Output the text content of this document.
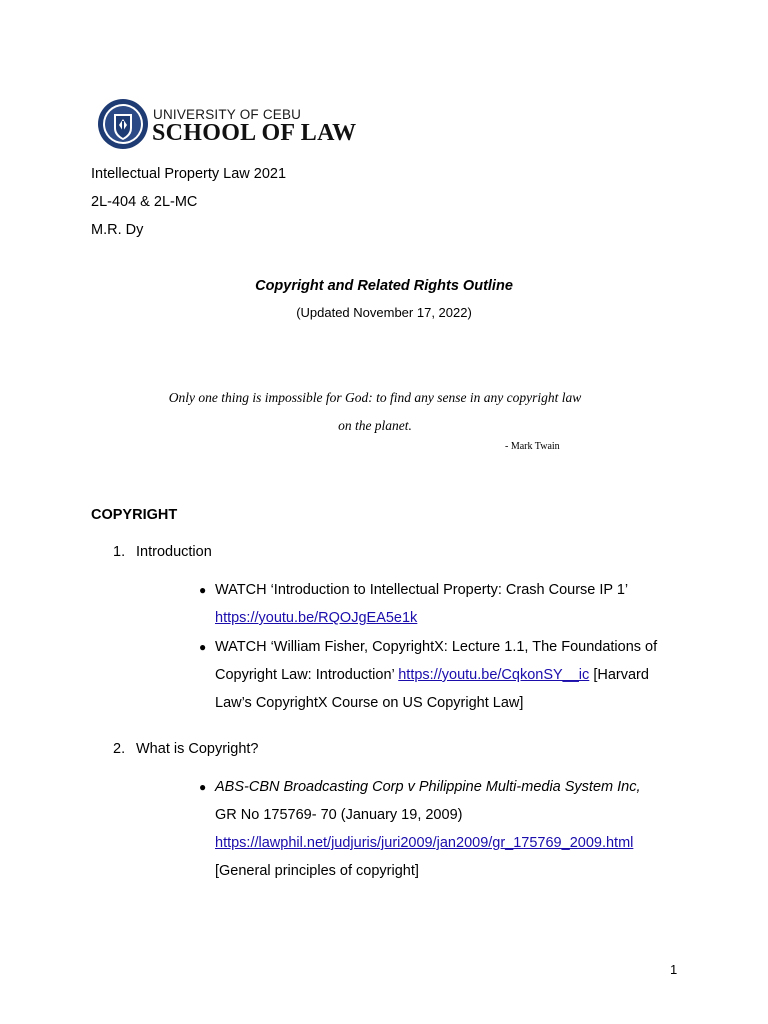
UNIVERSITY OF CEBU
SCHOOL OF LAW
Intellectual Property Law 2021
2L-404 & 2L-MC
M.R. Dy
Copyright and Related Rights Outline
(Updated November 17, 2022)
Only one thing is impossible for God: to find any sense in any copyright law
on the planet.
- Mark Twain
COPYRIGHT
1. Introduction
● WATCH ‘Introduction to Intellectual Property: Crash Course IP 1’
https://youtu.be/RQOJgEA5e1k
● WATCH ‘William Fisher, CopyrightX: Lecture 1.1, The Foundations of Copyright Law: Introduction’ https://youtu.be/CqkonSY__ic [Harvard Law’s CopyrightX Course on US Copyright Law]
2. What is Copyright?
● ABS-CBN Broadcasting Corp v Philippine Multi-media System Inc,
GR No 175769- 70 (January 19, 2009)
https://lawphil.net/judjuris/juri2009/jan2009/gr_175769_2009.html
[General principles of copyright]
1
